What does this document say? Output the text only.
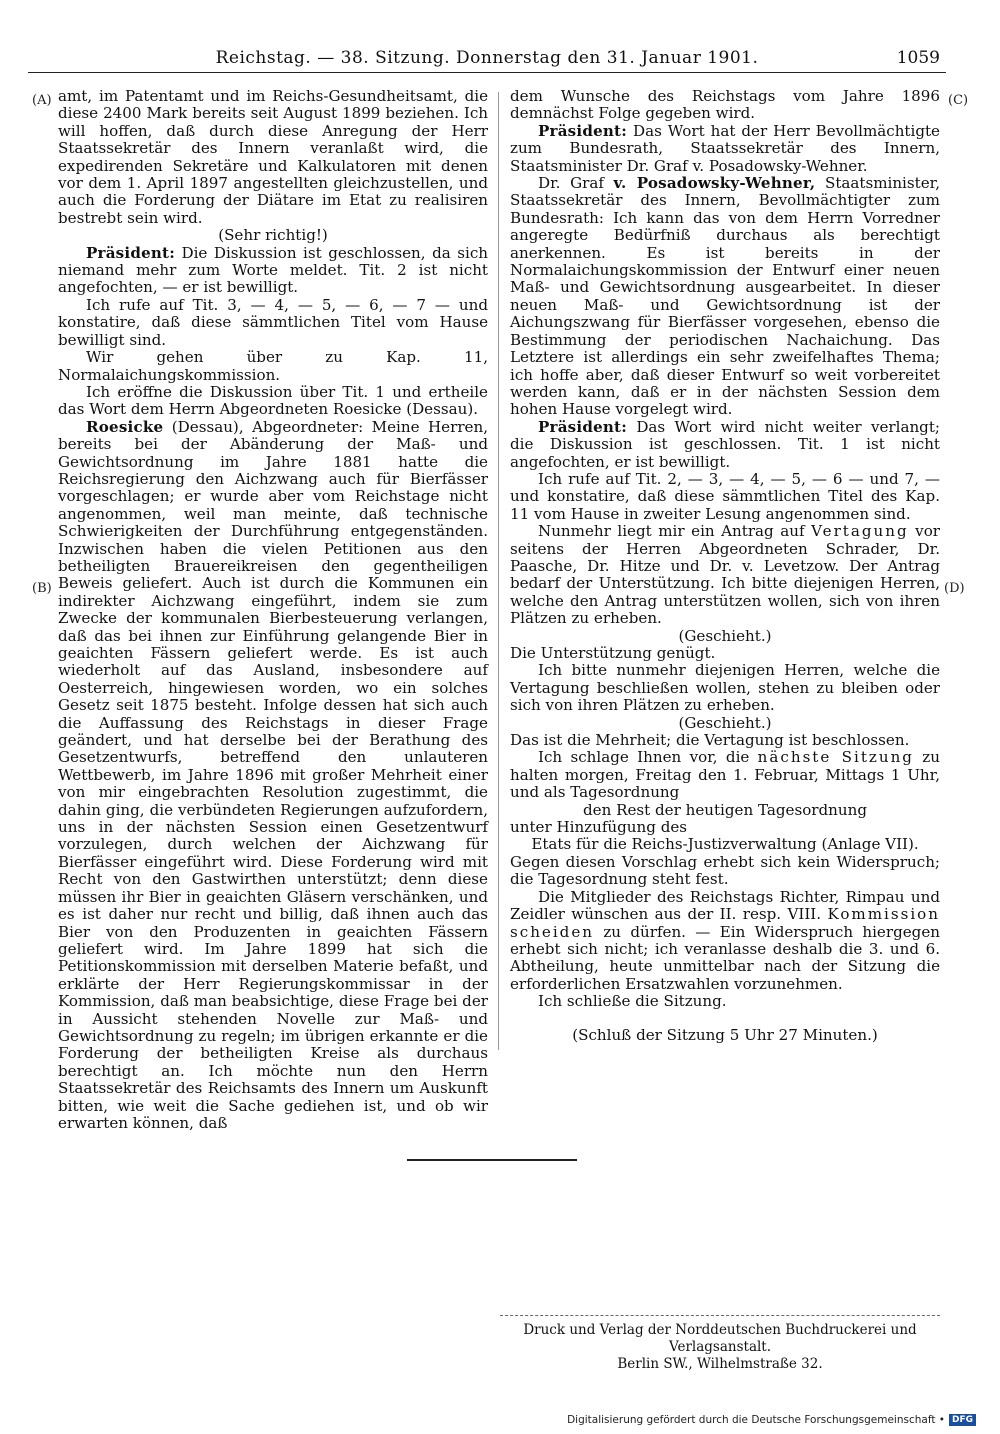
Reichstag. — 38. Sitzung. Donnerstag den 31. Januar 1901.	1059
(A)
(B)
(C)
(D)

amt, im Patentamt und im Reichs-Gesundheitsamt, die diese 2400 Mark bereits seit August 1899 beziehen. Ich will hoffen, daß durch diese Anregung der Herr Staatssekretär des Innern veranlaßt wird, die expedirenden Sekretäre und Kalkulatoren mit denen vor dem 1. April 1897 angestellten gleichzustellen, und auch die Forderung der Diätare im Etat zu realisiren bestrebt sein wird.

(Sehr richtig!)

Präsident: Die Diskussion ist geschlossen, da sich niemand mehr zum Worte meldet. Tit. 2 ist nicht angefochten, — er ist bewilligt.

Ich rufe auf Tit. 3, — 4, — 5, — 6, — 7 — und konstatire, daß diese sämmtlichen Titel vom Hause bewilligt sind.

Wir gehen über zu Kap. 11, Normalaichungskommission.

Ich eröffne die Diskussion über Tit. 1 und ertheile das Wort dem Herrn Abgeordneten Roesicke (Dessau).

Roesicke (Dessau), Abgeordneter: Meine Herren, bereits bei der Abänderung der Maß- und Gewichtsordnung im Jahre 1881 hatte die Reichsregierung den Aichzwang auch für Bierfässer vorgeschlagen; er wurde aber vom Reichstage nicht angenommen, weil man meinte, daß technische Schwierigkeiten der Durchführung entgegenständen. Inzwischen haben die vielen Petitionen aus den betheiligten Brauereikreisen den gegentheiligen Beweis geliefert. Auch ist durch die Kommunen ein indirekter Aichzwang eingeführt, indem sie zum Zwecke der kommunalen Bierbesteuerung verlangen, daß das bei ihnen zur Einführung gelangende Bier in geaichten Fässern geliefert werde. Es ist auch wiederholt auf das Ausland, insbesondere auf Oesterreich, hingewiesen worden, wo ein solches Gesetz seit 1875 besteht. Infolge dessen hat sich auch die Auffassung des Reichstags in dieser Frage geändert, und hat derselbe bei der Berathung des Gesetzentwurfs, betreffend den unlauteren Wettbewerb, im Jahre 1896 mit großer Mehrheit einer von mir eingebrachten Resolution zugestimmt, die dahin ging, die verbündeten Regierungen aufzufordern, uns in der nächsten Session einen Gesetzentwurf vorzulegen, durch welchen der Aichzwang für Bierfässer eingeführt wird. Diese Forderung wird mit Recht von den Gastwirthen unterstützt; denn diese müssen ihr Bier in geaichten Gläsern verschänken, und es ist daher nur recht und billig, daß ihnen auch das Bier von den Produzenten in geaichten Fässern geliefert wird. Im Jahre 1899 hat sich die Petitionskommission mit derselben Materie befaßt, und erklärte der Herr Regierungskommissar in der Kommission, daß man beabsichtige, diese Frage bei der in Aussicht stehenden Novelle zur Maß- und Gewichtsordnung zu regeln; im übrigen erkannte er die Forderung der betheiligten Kreise als durchaus berechtigt an. Ich möchte nun den Herrn Staatssekretär des Reichsamts des Innern um Auskunft bitten, wie weit die Sache gediehen ist, und ob wir erwarten können, daß

dem Wunsche des Reichstags vom Jahre 1896 demnächst Folge gegeben wird.

Präsident: Das Wort hat der Herr Bevollmächtigte zum Bundesrath, Staatssekretär des Innern, Staatsminister Dr. Graf v. Posadowsky-Wehner.

Dr. Graf v. Posadowsky-Wehner, Staatsminister, Staatssekretär des Innern, Bevollmächtigter zum Bundesrath: Ich kann das von dem Herrn Vorredner angeregte Bedürfniß durchaus als berechtigt anerkennen. Es ist bereits in der Normalaichungskommission der Entwurf einer neuen Maß- und Gewichtsordnung ausgearbeitet. In dieser neuen Maß- und Gewichtsordnung ist der Aichungszwang für Bierfässer vorgesehen, ebenso die Bestimmung der periodischen Nachaichung. Das Letztere ist allerdings ein sehr zweifelhaftes Thema; ich hoffe aber, daß dieser Entwurf so weit vorbereitet werden kann, daß er in der nächsten Session dem hohen Hause vorgelegt wird.

Präsident: Das Wort wird nicht weiter verlangt; die Diskussion ist geschlossen. Tit. 1 ist nicht angefochten, er ist bewilligt.

Ich rufe auf Tit. 2, — 3, — 4, — 5, — 6 — und 7, — und konstatire, daß diese sämmtlichen Titel des Kap. 11 vom Hause in zweiter Lesung angenommen sind.

Nunmehr liegt mir ein Antrag auf Vertagung vor seitens der Herren Abgeordneten Schrader, Dr. Paasche, Dr. Hitze und Dr. v. Levetzow. Der Antrag bedarf der Unterstützung. Ich bitte diejenigen Herren, welche den Antrag unterstützen wollen, sich von ihren Plätzen zu erheben.

(Geschieht.)

Die Unterstützung genügt.

Ich bitte nunmehr diejenigen Herren, welche die Vertagung beschließen wollen, stehen zu bleiben oder sich von ihren Plätzen zu erheben.

(Geschieht.)

Das ist die Mehrheit; die Vertagung ist beschlossen.

Ich schlage Ihnen vor, die nächste Sitzung zu halten morgen, Freitag den 1. Februar, Mittags 1 Uhr, und als Tagesordnung

den Rest der heutigen Tagesordnung

unter Hinzufügung des

Etats für die Reichs-Justizverwaltung (Anlage VII).

Gegen diesen Vorschlag erhebt sich kein Widerspruch; die Tagesordnung steht fest.

Die Mitglieder des Reichstags Richter, Rimpau und Zeidler wünschen aus der II. resp. VIII. Kommission scheiden zu dürfen. — Ein Widerspruch hiergegen erhebt sich nicht; ich veranlasse deshalb die 3. und 6. Abtheilung, heute unmittelbar nach der Sitzung die erforderlichen Ersatzwahlen vorzunehmen.

Ich schließe die Sitzung.

(Schluß der Sitzung 5 Uhr 27 Minuten.)

Druck und Verlag der Norddeutschen Buchdruckerei und Verlagsanstalt.
Berlin SW., Wilhelmstraße 32.
Digitalisierung gefördert durch die Deutsche Forschungsgemeinschaft • DFG
